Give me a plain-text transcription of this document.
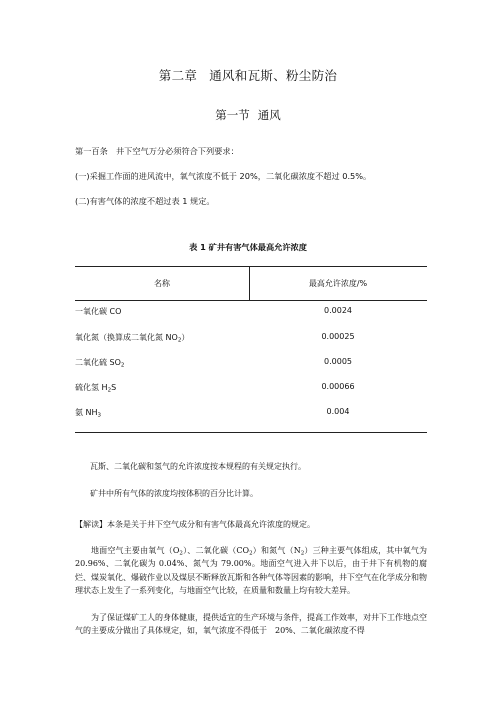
第二章 通风和瓦斯、粉尘防治
第一节 通风
第一百条　井下空气万分必须符合下列要求：
(一)采掘工作面的进风流中，氧气浓度不低于 20%，二氧化碳浓度不超过 0.5%。
(二)有害气体的浓度不超过表 1 规定。
表 1 矿井有害气体最高允许浓度
名称	最高允许浓度/%
一氧化碳 CO	0.0024
氧化氮（换算成二氧化氮 $NO_2$）	0.00025
二氧化硫 $SO_2$	0.0005
硫化氢 $H_2S$	0.00066
氨 $NH_3$	0.004
瓦斯、二氧化碳和氢气的允许浓度按本规程的有关规定执行。
矿井中所有气体的浓度均按体积的百分比计算。
【解读】本条是关于井下空气成分和有害气体最高允许浓度的规定。
地面空气主要由氧气$(O_2)$、二氧化碳$(CO_2)$和氮气$(N_2)$三种主要气体组成，其中氧气为 20.96%、二氧化碳为 0.04%、氮气为 79.00%。地面空气进入井下以后，由于井下有机物的腐烂、煤炭氧化、爆破作业以及煤层不断释放瓦斯和各种气体等因素的影响，井下空气在化学成分和物理状态上发生了一系列变化，与地面空气比较，在质量和数量上均有较大差异。
为了保证煤矿工人的身体健康，提供适宜的生产环境与条件，提高工作效率，对井下工作地点空气的主要成分做出了具体规定，如，氧气浓度不得低于　20%、二氧化碳浓度不得
